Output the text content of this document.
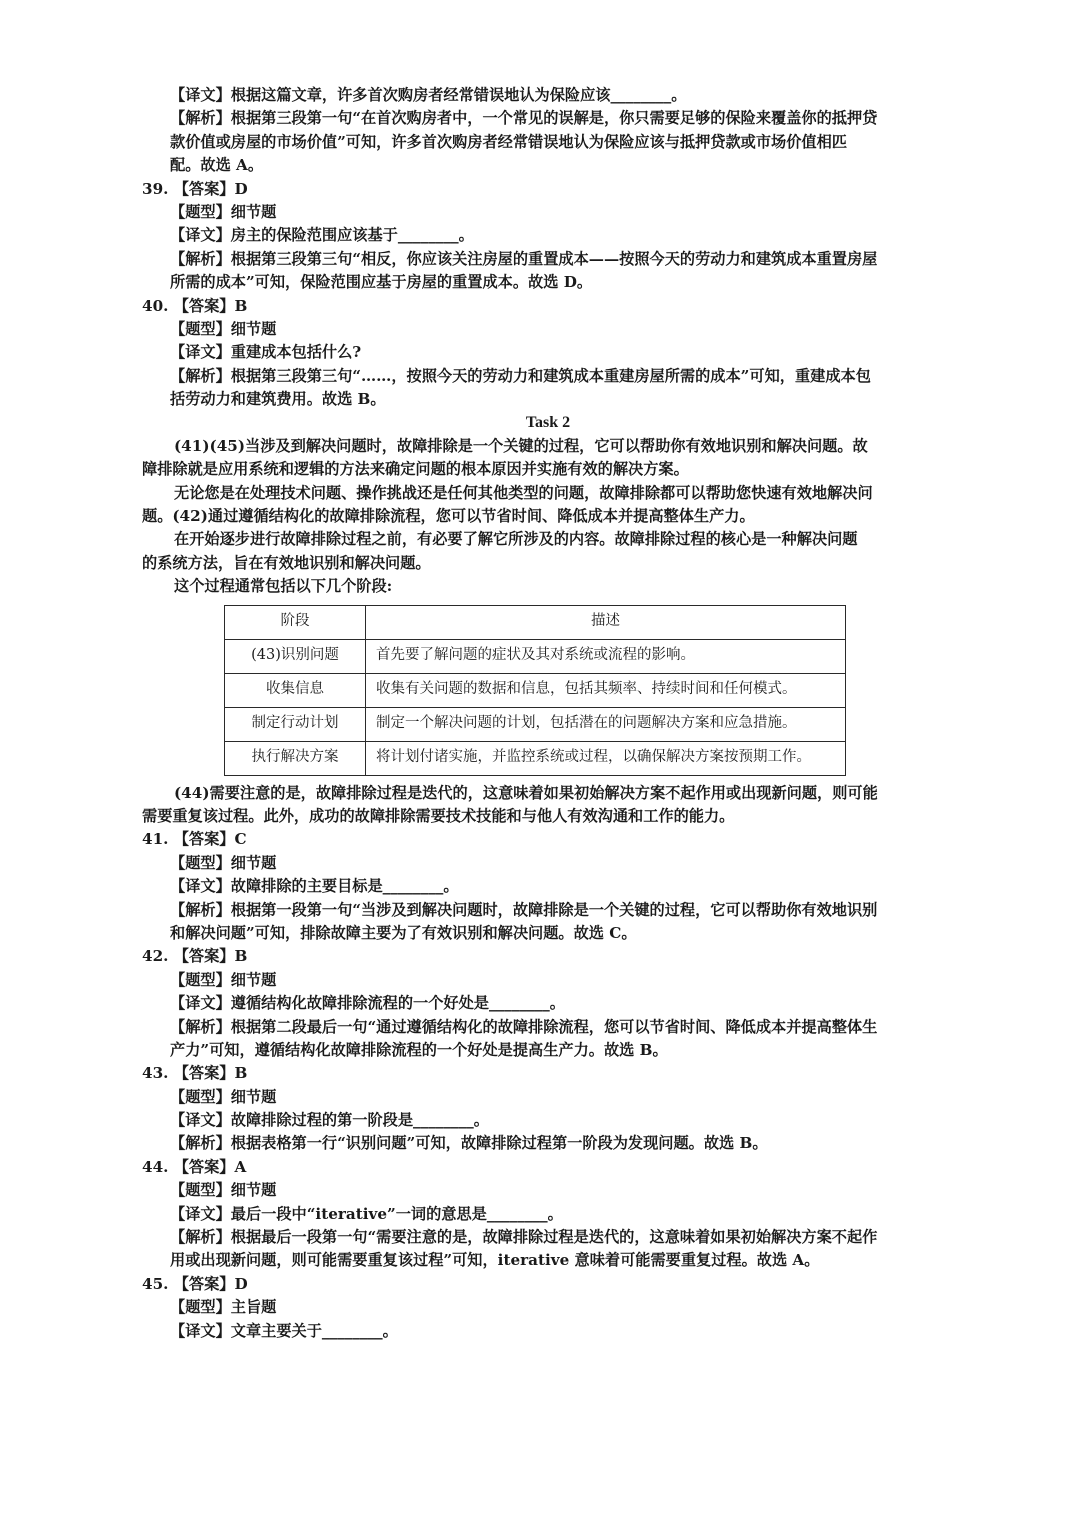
【译文】根据这篇文章，许多首次购房者经常错误地认为保险应该________。
【解析】根据第三段第一句“在首次购房者中，一个常见的误解是，你只需要足够的保险来覆盖你的抵押贷
款价值或房屋的市场价值”可知，许多首次购房者经常错误地认为保险应该与抵押贷款或市场价值相匹
配。故选 A。
39. 【答案】D
【题型】细节题
【译文】房主的保险范围应该基于________。
【解析】根据第三段第三句“相反，你应该关注房屋的重置成本——按照今天的劳动力和建筑成本重置房屋
所需的成本”可知，保险范围应基于房屋的重置成本。故选 D。
40. 【答案】B
【题型】细节题
【译文】重建成本包括什么?
【解析】根据第三段第三句“……，按照今天的劳动力和建筑成本重建房屋所需的成本”可知，重建成本包
括劳动力和建筑费用。故选 B。
Task 2
(41)(45)当涉及到解决问题时，故障排除是一个关键的过程，它可以帮助你有效地识别和解决问题。故
障排除就是应用系统和逻辑的方法来确定问题的根本原因并实施有效的解决方案。
无论您是在处理技术问题、操作挑战还是任何其他类型的问题，故障排除都可以帮助您快速有效地解决问
题。(42)通过遵循结构化的故障排除流程，您可以节省时间、降低成本并提高整体生产力。
在开始逐步进行故障排除过程之前，有必要了解它所涉及的内容。故障排除过程的核心是一种解决问题
的系统方法，旨在有效地识别和解决问题。
这个过程通常包括以下几个阶段:
阶段	描述
(43)识别问题	首先要了解问题的症状及其对系统或流程的影响。
收集信息	收集有关问题的数据和信息，包括其频率、持续时间和任何模式。
制定行动计划	制定一个解决问题的计划，包括潜在的问题解决方案和应急措施。
执行解决方案	将计划付诸实施，并监控系统或过程，以确保解决方案按预期工作。
(44)需要注意的是，故障排除过程是迭代的，这意味着如果初始解决方案不起作用或出现新问题，则可能
需要重复该过程。此外，成功的故障排除需要技术技能和与他人有效沟通和工作的能力。
41. 【答案】C
【题型】细节题
【译文】故障排除的主要目标是________。
【解析】根据第一段第一句“当涉及到解决问题时，故障排除是一个关键的过程，它可以帮助你有效地识别
和解决问题”可知，排除故障主要为了有效识别和解决问题。故选 C。
42. 【答案】B
【题型】细节题
【译文】遵循结构化故障排除流程的一个好处是________。
【解析】根据第二段最后一句“通过遵循结构化的故障排除流程，您可以节省时间、降低成本并提高整体生
产力”可知，遵循结构化故障排除流程的一个好处是提高生产力。故选 B。
43. 【答案】B
【题型】细节题
【译文】故障排除过程的第一阶段是________。
【解析】根据表格第一行“识别问题”可知，故障排除过程第一阶段为发现问题。故选 B。
44. 【答案】A
【题型】细节题
【译文】最后一段中“iterative”一词的意思是________。
【解析】根据最后一段第一句“需要注意的是，故障排除过程是迭代的，这意味着如果初始解决方案不起作
用或出现新问题，则可能需要重复该过程”可知，iterative 意味着可能需要重复过程。故选 A。
45. 【答案】D
【题型】主旨题
【译文】文章主要关于________。
